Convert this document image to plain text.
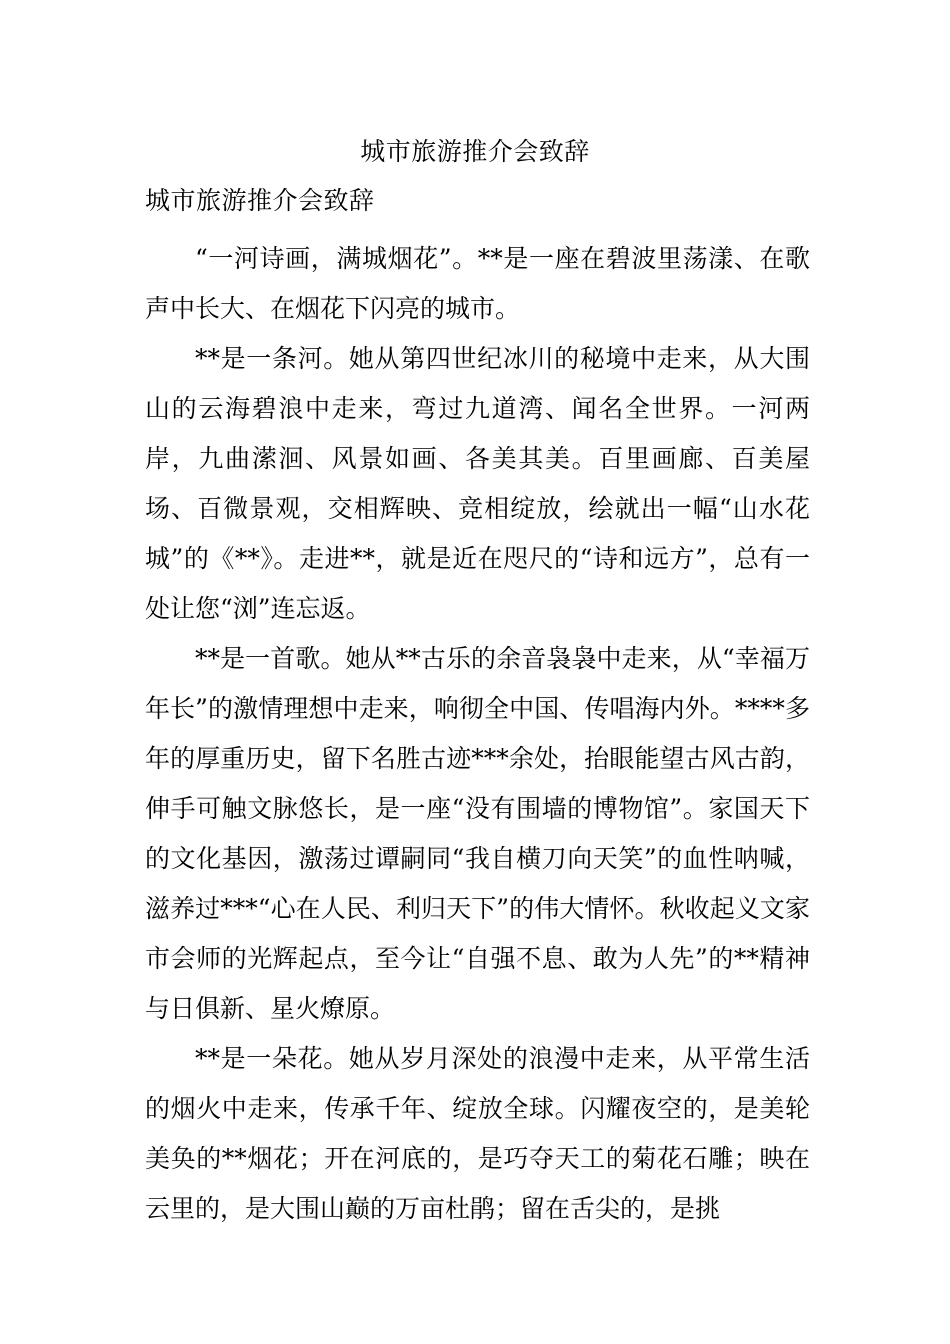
城市旅游推介会致辞
城市旅游推介会致辞

“一河诗画，满城烟花”。**是一座在碧波里荡漾、在歌声中长大、在烟花下闪亮的城市。

**是一条河。她从第四世纪冰川的秘境中走来，从大围山的云海碧浪中走来，弯过九道湾、闻名全世界。一河两岸，九曲潆洄、风景如画、各美其美。百里画廊、百美屋场、百微景观，交相辉映、竞相绽放，绘就出一幅“山水花城”的《**》。走进**，就是近在咫尺的“诗和远方”，总有一处让您“浏”连忘返。

**是一首歌。她从**古乐的余音袅袅中走来，从“幸福万年长”的激情理想中走来，响彻全中国、传唱海内外。****多年的厚重历史，留下名胜古迹***余处，抬眼能望古风古韵，伸手可触文脉悠长，是一座“没有围墙的博物馆”。家国天下的文化基因，激荡过谭嗣同“我自横刀向天笑”的血性呐喊，滋养过***“心在人民、利归天下”的伟大情怀。秋收起义文家市会师的光辉起点，至今让“自强不息、敢为人先”的**精神与日俱新、星火燎原。

**是一朵花。她从岁月深处的浪漫中走来，从平常生活的烟火中走来，传承千年、绽放全球。闪耀夜空的，是美轮美奂的**烟花；开在河底的，是巧夺天工的菊花石雕；映在云里的，是大围山巅的万亩杜鹃；留在舌尖的，是挑
